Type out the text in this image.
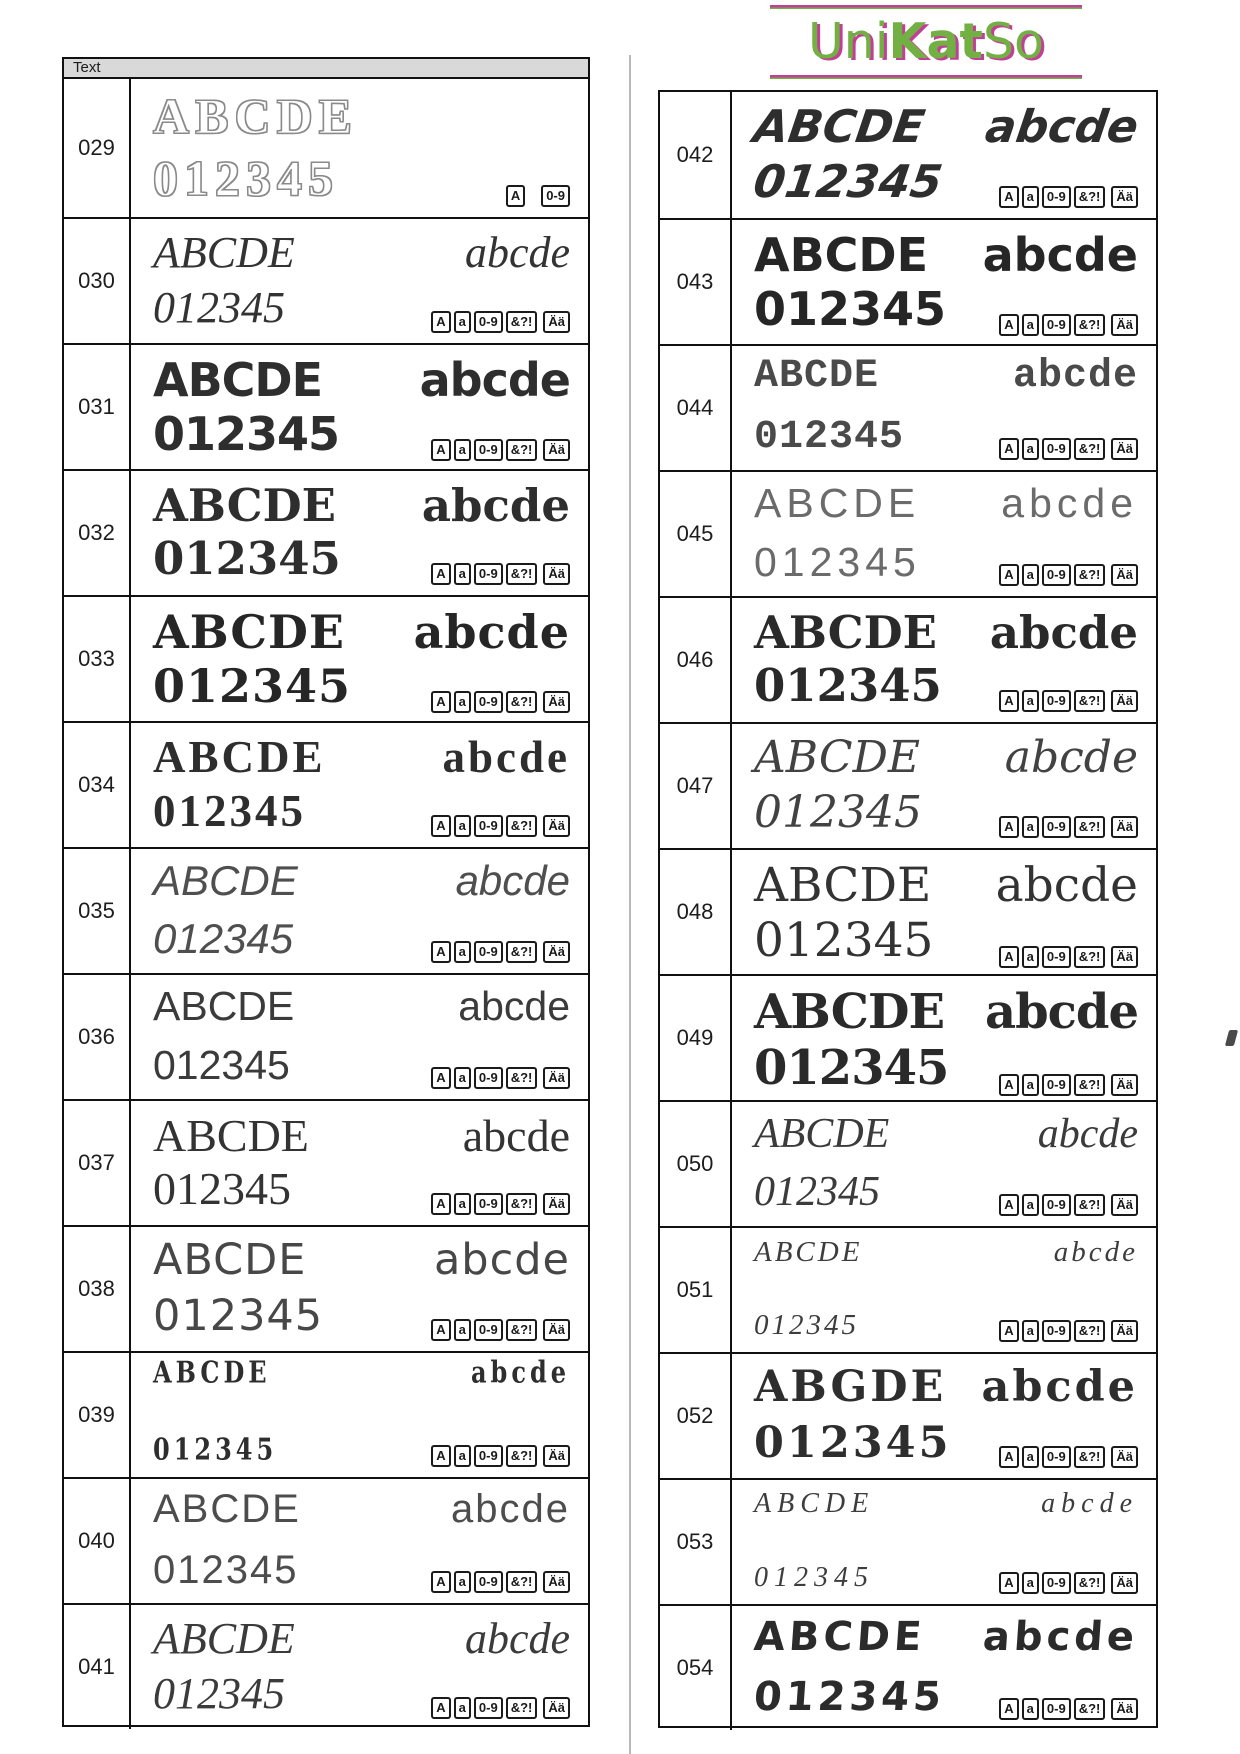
UniKatSo
Text
029
ABCDE
012345	A	0-9
030
ABCDE	abcde
012345	A	a	0-9	&?!	Ää
031 ABCDE abcde
012345	A	a	0-9	&?!	Ää
032
ABCDE abcde
012345	A	a	0-9	&?!	Ää
033 ABCDE abcde
012345	A	a	0-9	&?!	Ää
034
ABCDE	abcde
012345	A	a	0-9	&?!	Ää
035
ABCDE	abcde
012345	A	a	0-9	&?!	Ää
036
ABCDE	abcde
012345	A	a	0-9	&?!	Ää
037
ABCDE	abcde
012345	A	a	0-9	&?!	Ää
038
ABCDE	abcde
012345	A	a	0-9	&?!	Ää
039
ABCDE	abcde
012345	A	a	0-9	&?!	Ää
040
ABCDE	abcde
012345	A	a	0-9	&?!	Ää
041
ABCDE	abcde
012345	A	a	0-9	&?!	Ää
042
ABCDE abcde
012345	A	a	0-9	&?!	Ää
043 ABCDE abcde
012345	A	a	0-9	&?!	Ää
044
ABCDE	abcde
012345	A	a	0-9	&?!	Ää
045
ABCDE abcde
012345	A	a	0-9	&?!	Ää
046
ABCDE abcde
012345	A	a	0-9	&?!	Ää
047
ABCDE abcde
012345	A	a	0-9	&?!	Ää
048 ABCDE abcde
012345	A	a	0-9	&?!	Ää
049 ABCDE abcde
012345	A	a	0-9	&?!	Ää
050
ABCDE	abcde
012345	A	a	0-9	&?!	Ää
051
ABCDE	abcde
012345	A	a	0-9	&?!	Ää
052
ABGDE abcde
012345	A	a	0-9	&?!	Ää
053
ABCDE	abcde
012345	A	a	0-9	&?!	Ää
054
ABCDE abcde
012345	A	a	0-9	&?!	Ää
